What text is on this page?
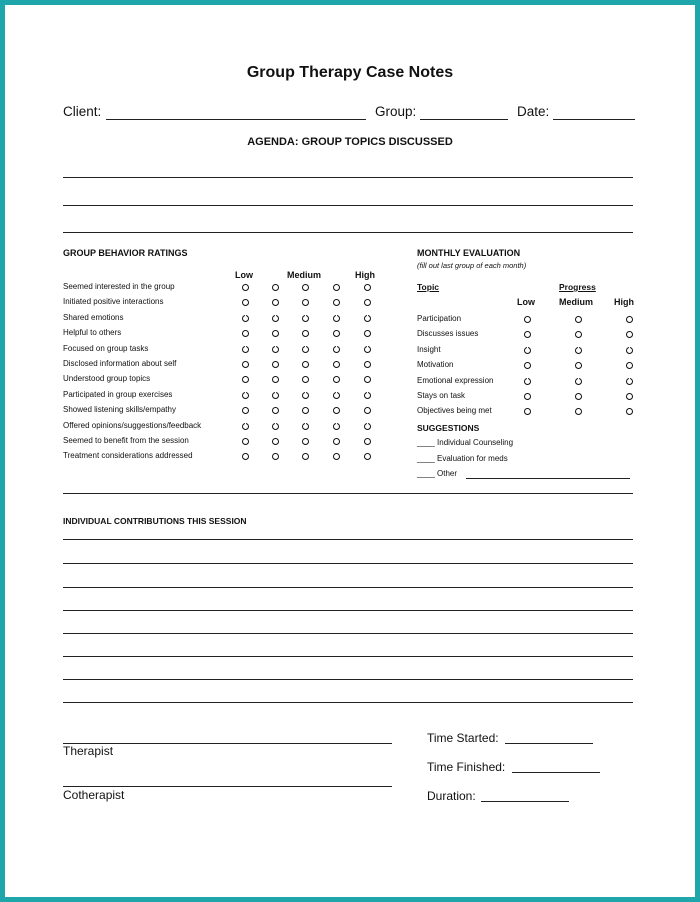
Group Therapy Case Notes
Client:	Group:	Date:
AGENDA: GROUP TOPICS DISCUSSED
GROUP BEHAVIOR RATINGS
Low	Medium	High
Seemed interested in the group
Initiated positive interactions
Shared emotions
Helpful to others
Focused on group tasks
Disclosed information about self
Understood group topics
Participated in group exercises
Showed listening skills/empathy
Offered opinions/suggestions/feedback
Seemed to benefit from the session
Treatment considerations addressed
MONTHLY EVALUATION
(fill out last group of each month)
Topic	Progress
Low	Medium High
Participation
Discusses issues
Insight
Motivation
Emotional expression
Stays on task
Objectives being met
SUGGESTIONS
____ Individual Counseling
____ Evaluation for meds
____ Other
INDIVIDUAL CONTRIBUTIONS THIS SESSION
Therapist
Cotherapist
Time Started:
Time Finished:
Duration:
